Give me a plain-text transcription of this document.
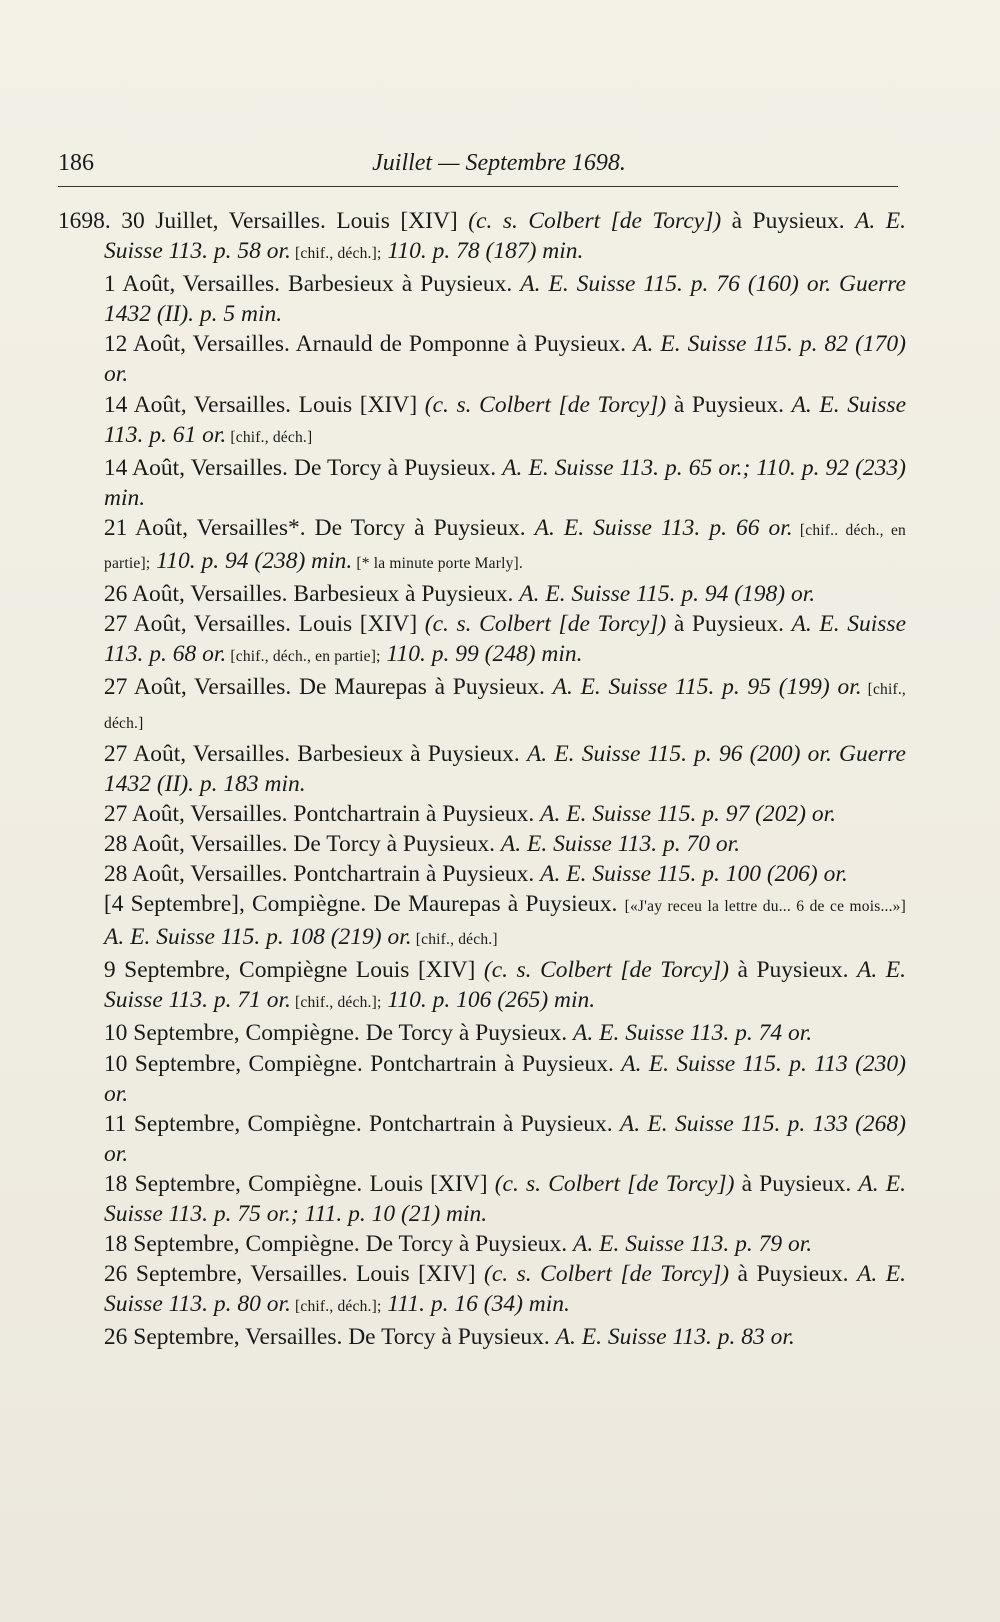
186	Juillet — Septembre 1698.
1698. 30 Juillet, Versailles. Louis [XIV] (c. s. Colbert [de Torcy]) à Puysieux. A. E. Suisse 113. p. 58 or. [chif., déch.]; 110. p. 78 (187) min.
1 Août, Versailles. Barbesieux à Puysieux. A. E. Suisse 115. p. 76 (160) or. Guerre 1432 (II). p. 5 min.
12 Août, Versailles. Arnauld de Pomponne à Puysieux. A. E. Suisse 115. p. 82 (170) or.
14 Août, Versailles. Louis [XIV] (c. s. Colbert [de Torcy]) à Puysieux. A. E. Suisse 113. p. 61 or. [chif., déch.]
14 Août, Versailles. De Torcy à Puysieux. A. E. Suisse 113. p. 65 or.; 110. p. 92 (233) min.
21 Août, Versailles*. De Torcy à Puysieux. A. E. Suisse 113. p. 66 or. [chif.. déch., en partie]; 110. p. 94 (238) min. [* la minute porte Marly].
26 Août, Versailles. Barbesieux à Puysieux. A. E. Suisse 115. p. 94 (198) or.
27 Août, Versailles. Louis [XIV] (c. s. Colbert [de Torcy]) à Puysieux. A. E. Suisse 113. p. 68 or. [chif., déch., en partie]; 110. p. 99 (248) min.
27 Août, Versailles. De Maurepas à Puysieux. A. E. Suisse 115. p. 95 (199) or. [chif., déch.]
27 Août, Versailles. Barbesieux à Puysieux. A. E. Suisse 115. p. 96 (200) or. Guerre 1432 (II). p. 183 min.
27 Août, Versailles. Pontchartrain à Puysieux. A. E. Suisse 115. p. 97 (202) or.
28 Août, Versailles. De Torcy à Puysieux. A. E. Suisse 113. p. 70 or.
28 Août, Versailles. Pontchartrain à Puysieux. A. E. Suisse 115. p. 100 (206) or.
[4 Septembre], Compiègne. De Maurepas à Puysieux. [«J'ay receu la lettre du... 6 de ce mois...»] A. E. Suisse 115. p. 108 (219) or. [chif., déch.]
9 Septembre, Compiègne Louis [XIV] (c. s. Colbert [de Torcy]) à Puysieux. A. E. Suisse 113. p. 71 or. [chif., déch.]; 110. p. 106 (265) min.
10 Septembre, Compiègne. De Torcy à Puysieux. A. E. Suisse 113. p. 74 or.
10 Septembre, Compiègne. Pontchartrain à Puysieux. A. E. Suisse 115. p. 113 (230) or.
11 Septembre, Compiègne. Pontchartrain à Puysieux. A. E. Suisse 115. p. 133 (268) or.
18 Septembre, Compiègne. Louis [XIV] (c. s. Colbert [de Torcy]) à Puysieux. A. E. Suisse 113. p. 75 or.; 111. p. 10 (21) min.
18 Septembre, Compiègne. De Torcy à Puysieux. A. E. Suisse 113. p. 79 or.
26 Septembre, Versailles. Louis [XIV] (c. s. Colbert [de Torcy]) à Puysieux. A. E. Suisse 113. p. 80 or. [chif., déch.]; 111. p. 16 (34) min.
26 Septembre, Versailles. De Torcy à Puysieux. A. E. Suisse 113. p. 83 or.
